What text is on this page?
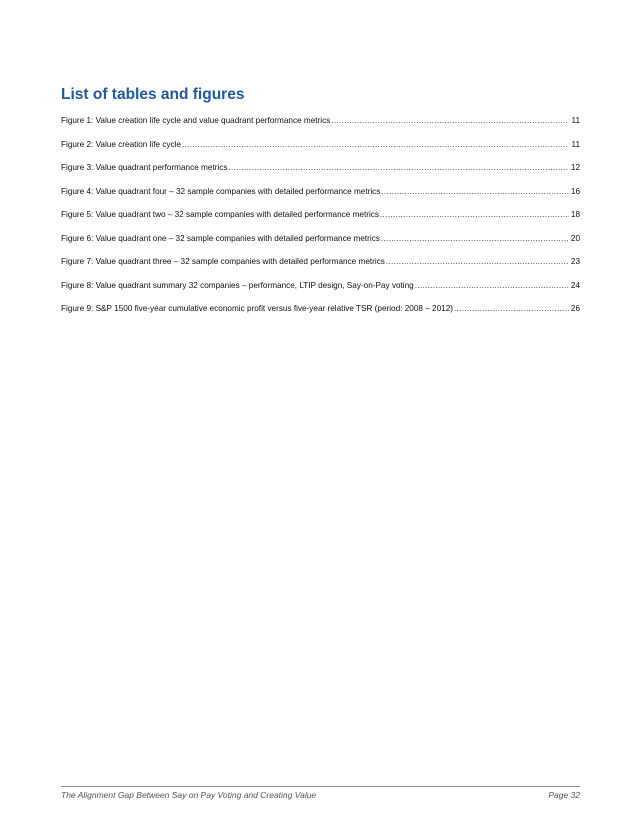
List of tables and figures
Figure 1: Value creation life cycle and value quadrant performance metrics .....	11
Figure 2: Value creation life cycle .....	11
Figure 3: Value quadrant performance metrics .....	12
Figure 4: Value quadrant four – 32 sample companies with detailed performance metrics .....	16
Figure 5: Value quadrant two – 32 sample companies with detailed performance metrics .....	18
Figure 6: Value quadrant one – 32 sample companies with detailed performance metrics .....	20
Figure 7: Value quadrant three – 32 sample companies with detailed performance metrics .....	23
Figure 8: Value quadrant summary 32 companies – performance, LTIP design, Say-on-Pay voting .....	24
Figure 9: S&P 1500 five-year cumulative economic profit versus five-year relative TSR (period: 2008 – 2012) .....	26
The Alignment Gap Between Say on Pay Voting and Creating Value	Page 32
